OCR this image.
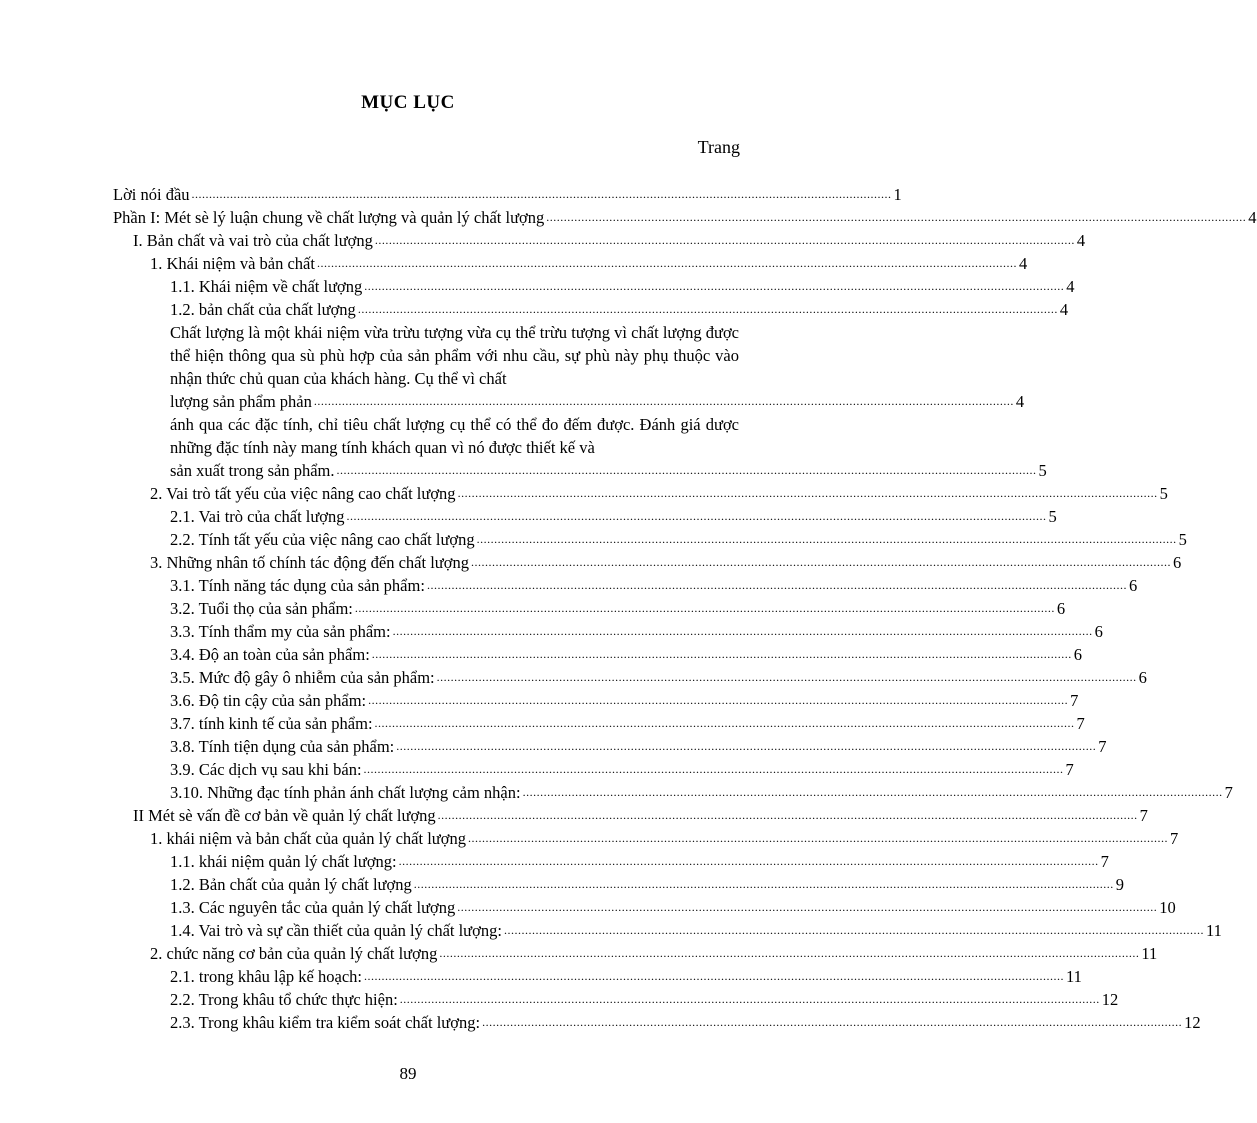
MỤC LỤC
Trang
Lời nói đầu ........................................................................................................................................................................................................ 1
Phần I: Mét sè lý luận chung về chất lượng và quản lý chất lượng ........................................................................................................................................................................................................ 4
I. Bản chất và vai trò của chất lượng ........................................................................................................................................................................................................ 4
1. Khái niệm và bản chất ........................................................................................................................................................................................................ 4
1.1. Khái niệm về chất lượng ........................................................................................................................................................................................................ 4
1.2. bản chất của chất lượng ........................................................................................................................................................................................................ 4
Chất lượng là một khái niệm vừa trừu tượng vừa cụ thể trừu tượng vì chất lượng được thể hiện thông qua sù phù hợp của sản phẩm với nhu cầu, sự phù này phụ thuộc vào nhận thức chủ quan của khách hàng. Cụ thể vì chất
lượng sản phẩm phản ........................................................................................................................................................................................................ 4
ánh qua các đặc tính, chỉ tiêu chất lượng cụ thể có thể đo đếm được. Đánh giá dược những đặc tính này mang tính khách quan vì nó được thiết kế và
sản xuất trong sản phẩm. ........................................................................................................................................................................................................ 5
2. Vai trò tất yếu của việc nâng cao chất lượng ........................................................................................................................................................................................................ 5
2.1. Vai trò của chất lượng ........................................................................................................................................................................................................ 5
2.2. Tính tất yếu của việc nâng cao chất lượng ........................................................................................................................................................................................................ 5
3. Những nhân tố chính tác động đến chất lượng ........................................................................................................................................................................................................ 6
3.1. Tính năng tác dụng của sản phẩm: ........................................................................................................................................................................................................ 6
3.2. Tuổi thọ của sản phẩm: ........................................................................................................................................................................................................ 6
3.3. Tính thẩm my của sản phẩm: ........................................................................................................................................................................................................ 6
3.4. Độ an toàn của sản phẩm: ........................................................................................................................................................................................................ 6
3.5. Mức độ gây ô nhiễm của sản phẩm: ........................................................................................................................................................................................................ 6
3.6. Độ tin cậy của sản phẩm: ........................................................................................................................................................................................................ 7
3.7. tính kinh tế của sản phẩm: ........................................................................................................................................................................................................ 7
3.8. Tính tiện dụng của sản phẩm: ........................................................................................................................................................................................................ 7
3.9. Các dịch vụ sau khi bán: ........................................................................................................................................................................................................ 7
3.10. Những đạc tính phản ánh chất lượng cảm nhận: ........................................................................................................................................................................................................ 7
II Mét sè vấn đề cơ bản về quản lý chất lượng ........................................................................................................................................................................................................ 7
1. khái niệm và bản chất của quản lý chất lượng ........................................................................................................................................................................................................ 7
1.1. khái niệm quản lý chất lượng: ........................................................................................................................................................................................................ 7
1.2. Bản chất của quản lý chất lượng ........................................................................................................................................................................................................ 9
1.3. Các nguyên tắc của quản lý chất lượng ........................................................................................................................................................................................................ 10
1.4. Vai trò và sự cần thiết của quản lý chất lượng: ........................................................................................................................................................................................................ 11
2. chức năng cơ bản của quản lý chất lượng ........................................................................................................................................................................................................ 11
2.1. trong khâu lập kế hoạch: ........................................................................................................................................................................................................ 11
2.2. Trong khâu tổ chức thực hiện: ........................................................................................................................................................................................................ 12
2.3. Trong khâu kiểm tra kiểm soát chất lượng: ........................................................................................................................................................................................................ 12
89
